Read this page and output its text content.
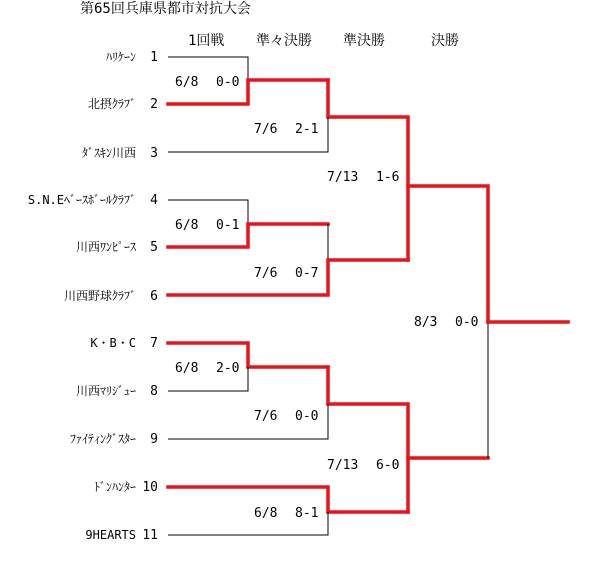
第65回兵庫県都市対抗大会
1回戦 準々決勝 準決勝	決勝
ﾊﾘｹｰﾝ
北摂ｸﾗﾌﾞ
ﾀﾞｽｷﾝ川西
S.N.Eﾍﾞｰｽﾎﾞｰﾙｸﾗﾌﾞ
川西ﾜﾝﾋﾟｰｽ
川西野球ｸﾗﾌﾞ
K・B・C
川西ﾏﾘｼﾞｭｰ
ﾌｧｲﾃｨﾝｸﾞｽﾀｰ
ﾄﾞﾝﾊﾝﾀｰ
9HEARTS
1
2
3
4
5
6
7
8
9
10
11
6/8 0-0
6/8 0-1
6/8 2-0
6/8 8-1
7/6 2-1
7/6 0-7
7/6 0-0
7/13 1-6
7/13 6-0
8/3 0-0
